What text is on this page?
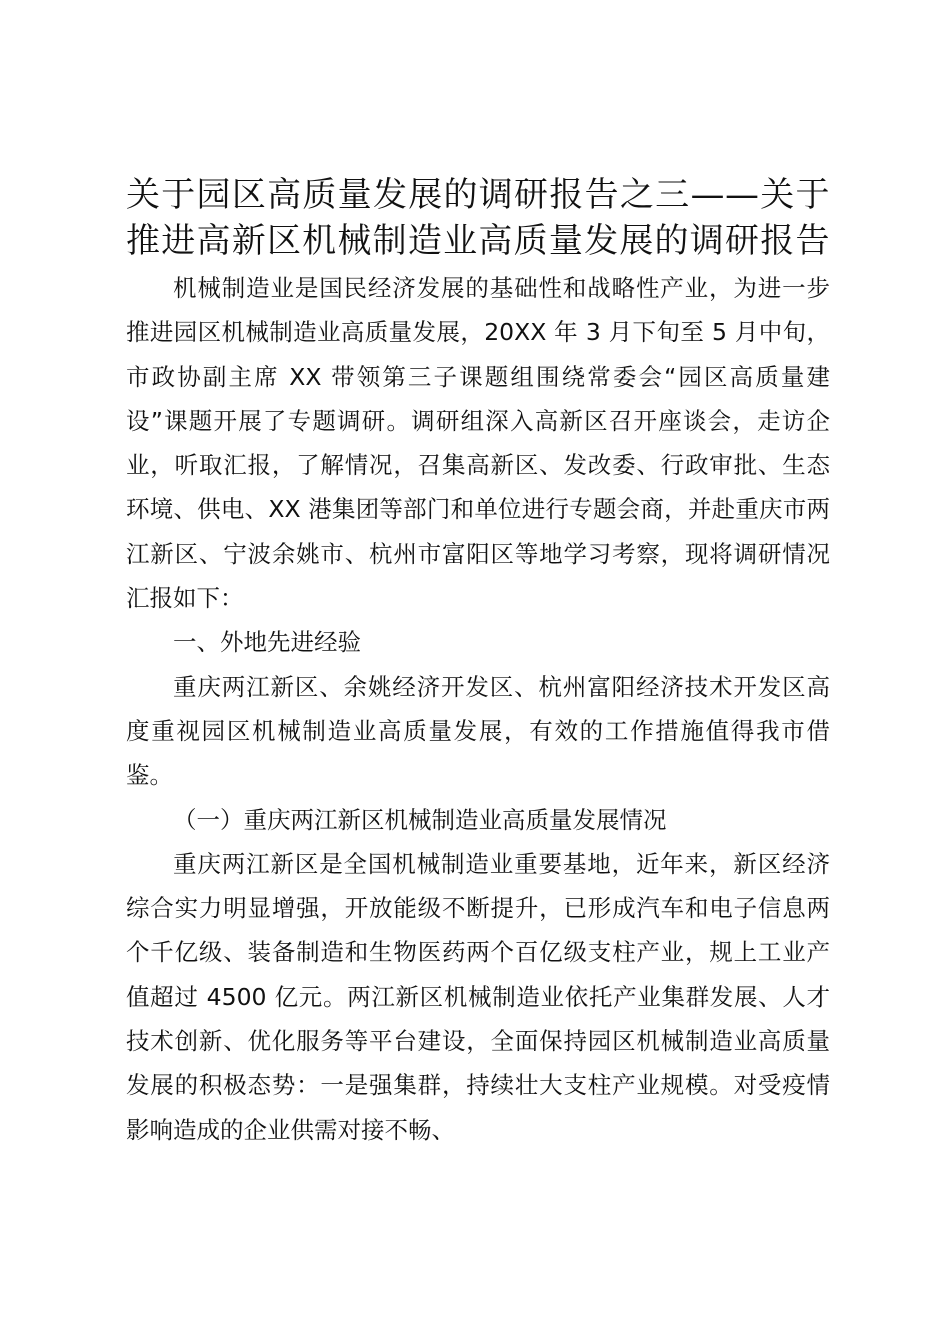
关于园区高质量发展的调研报告之三——关于
推进高新区机械制造业高质量发展的调研报告

机械制造业是国民经济发展的基础性和战略性产业，为进一步推进园区机械制造业高质量发展，20XX 年 3 月下旬至 5 月中旬，市政协副主席 XX 带领第三子课题组围绕常委会“园区高质量建设”课题开展了专题调研。调研组深入高新区召开座谈会，走访企业，听取汇报，了解情况，召集高新区、发改委、行政审批、生态环境、供电、XX 港集团等部门和单位进行专题会商，并赴重庆市两江新区、宁波余姚市、杭州市富阳区等地学习考察，现将调研情况汇报如下：

一、外地先进经验

重庆两江新区、余姚经济开发区、杭州富阳经济技术开发区高度重视园区机械制造业高质量发展，有效的工作措施值得我市借鉴。

（一）重庆两江新区机械制造业高质量发展情况

重庆两江新区是全国机械制造业重要基地，近年来，新区经济综合实力明显增强，开放能级不断提升，已形成汽车和电子信息两个千亿级、装备制造和生物医药两个百亿级支柱产业，规上工业产值超过 4500 亿元。两江新区机械制造业依托产业集群发展、人才技术创新、优化服务等平台建设，全面保持园区机械制造业高质量发展的积极态势：一是强集群，持续壮大支柱产业规模。对受疫情影响造成的企业供需对接不畅、
